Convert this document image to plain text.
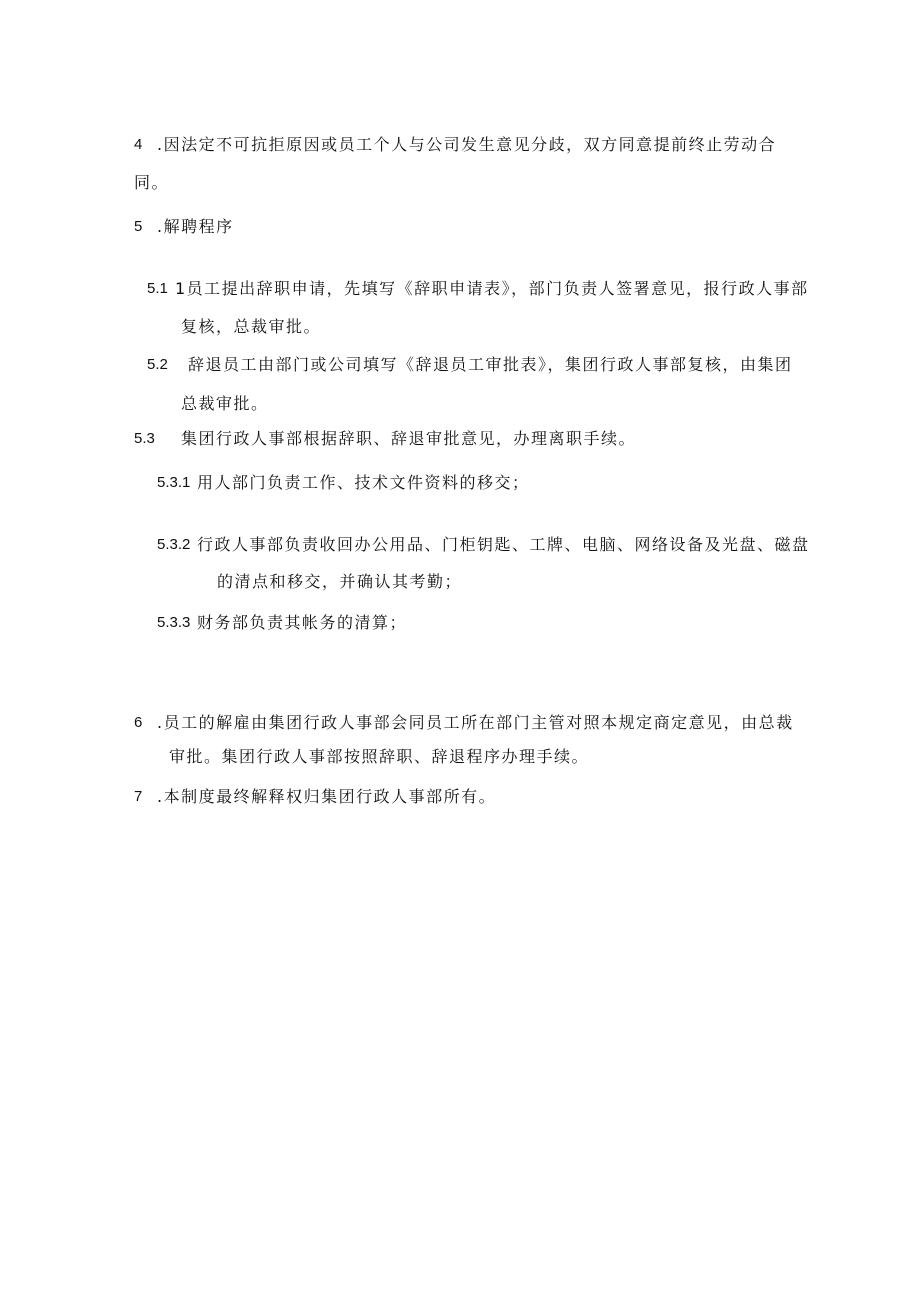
4 .因法定不可抗拒原因或员工个人与公司发生意见分歧，双方同意提前终止劳动合
同。
5 .解聘程序
5.1 1员工提出辞职申请，先填写《辞职申请表》，部门负责人签署意见，报行政人事部
复核，总裁审批。
5.2 辞退员工由部门或公司填写《辞退员工审批表》，集团行政人事部复核，由集团
总裁审批。
5.3 集团行政人事部根据辞职、辞退审批意见，办理离职手续。
5.3.1 用人部门负责工作、技术文件资料的移交；
5.3.2 行政人事部负责收回办公用品、门柜钥匙、工牌、电脑、网络设备及光盘、磁盘
的清点和移交，并确认其考勤；
5.3.3 财务部负责其帐务的清算；
6 .员工的解雇由集团行政人事部会同员工所在部门主管对照本规定商定意见，由总裁
审批。集团行政人事部按照辞职、辞退程序办理手续。
7 .本制度最终解释权归集团行政人事部所有。
